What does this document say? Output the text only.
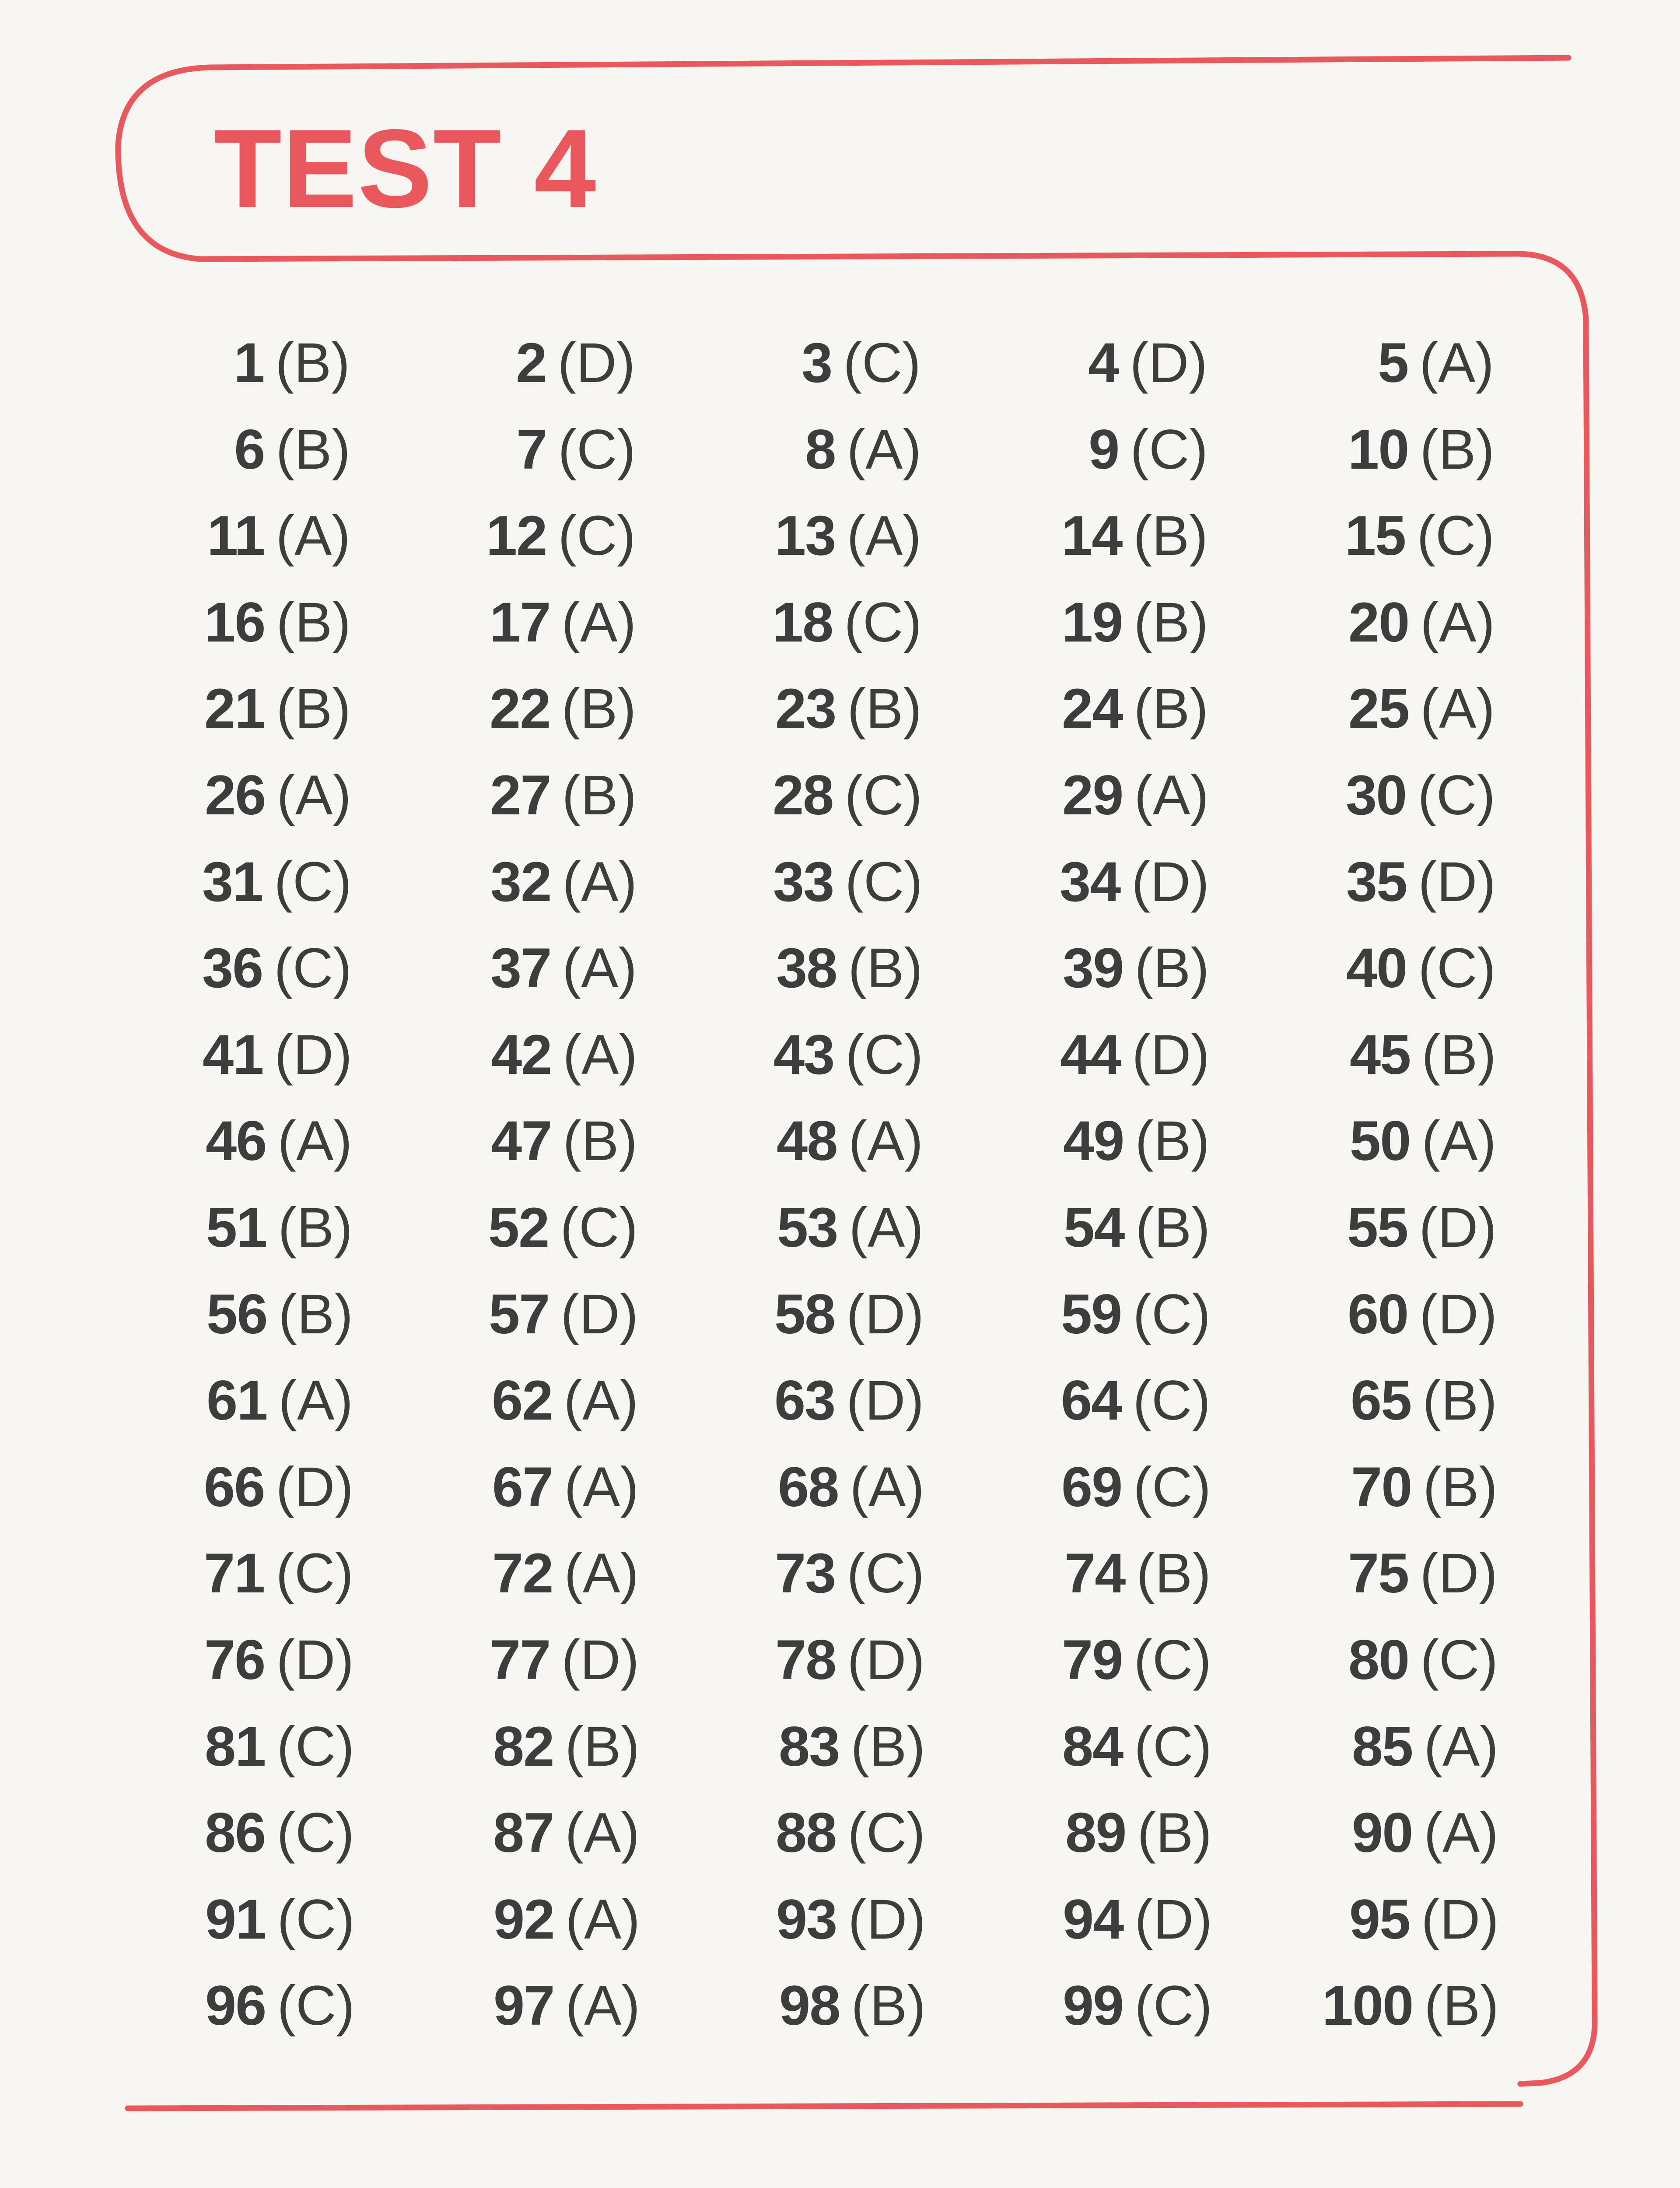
TEST 4
1 (B)	2 (D)	3 (C)	4 (D)	5 (A)
6 (B)	7 (C)	8 (A)	9 (C)	10 (B)
11 (A) 12 (C) 13 (A)	14 (B) 15 (C)
16 (B) 17 (A) 18 (C)	19 (B)	20 (A)
21 (B) 22 (B) 23 (B)	24 (B)	25 (A)
26 (A) 27 (B) 28 (C)	29 (A) 30 (C)
31 (C) 32 (A) 33 (C) 34 (D) 35 (D)
36 (C) 37 (A) 38 (B)	39 (B) 40 (C)
41 (D) 42 (A) 43 (C) 44 (D)	45 (B)
46 (A) 47 (B) 48 (A)	49 (B)	50 (A)
51 (B) 52 (C) 53 (A)	54 (B) 55 (D)
56 (B) 57 (D) 58 (D) 59 (C) 60 (D)
61 (A) 62 (A) 63 (D) 64 (C)	65 (B)
66 (D) 67 (A) 68 (A) 69 (C)	70 (B)
71 (C) 72 (A) 73 (C)	74 (B) 75 (D)
76 (D) 77 (D) 78 (D) 79 (C) 80 (C)
81 (C) 82 (B) 83 (B) 84 (C)	85 (A)
86 (C) 87 (A) 88 (C)	89 (B)	90 (A)
91 (C) 92 (A) 93 (D) 94 (D) 95 (D)
96 (C) 97 (A) 98 (B) 99 (C) 100 (B)
